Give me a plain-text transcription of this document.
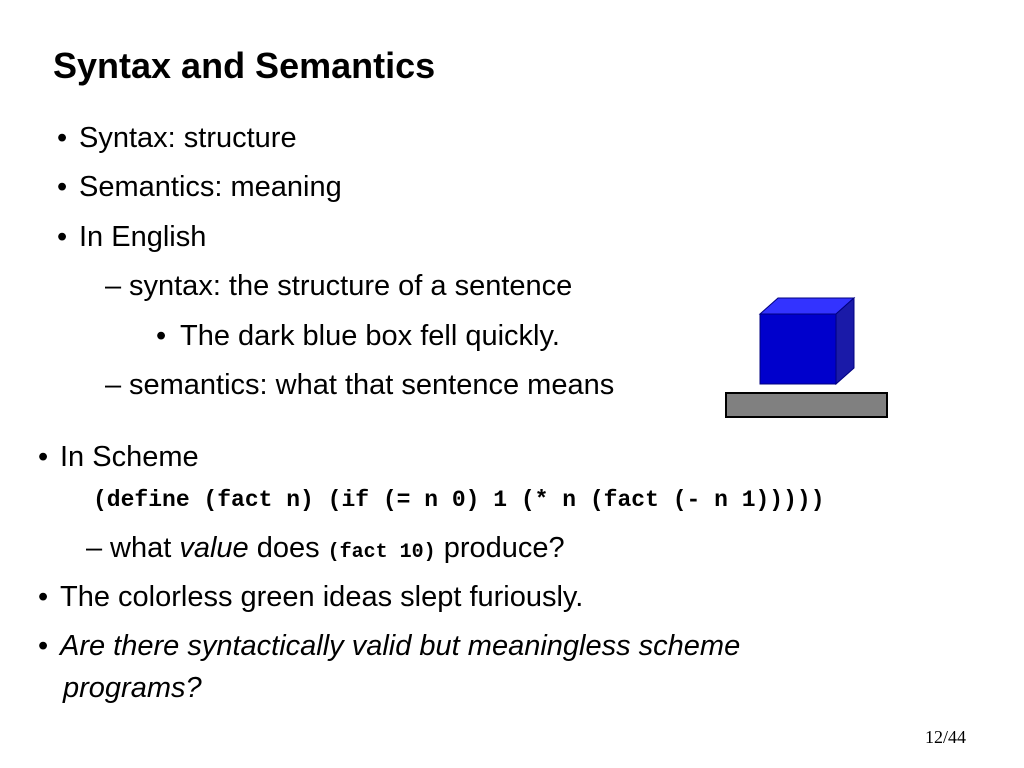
Syntax and Semantics
• Syntax: structure
• Semantics: meaning
• In English
– syntax: the structure of a sentence
• The dark blue box fell quickly.
– semantics: what that sentence means
• In Scheme
(define (fact n) (if (= n 0) 1 (* n (fact (- n 1)))))
– what value does (fact 10) produce?
• The colorless green ideas slept furiously.
• Are there syntactically valid but meaningless scheme
programs?
12/44
